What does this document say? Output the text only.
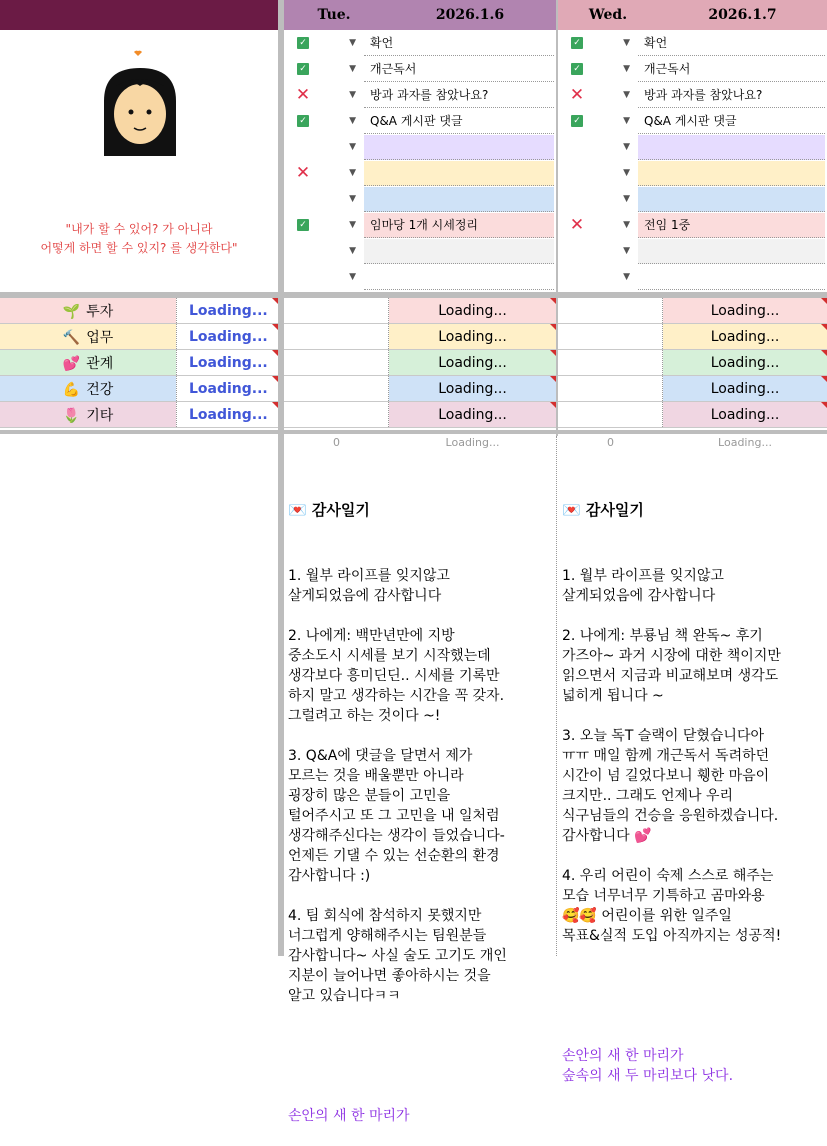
Tue.	2026.1.6	Wed.	2026.1.7
"내가 할 수 있어? 가 아니라
어떻게 하면 할 수 있지? 를 생각한다"
✓	▼	확언
✓	▼	개근독서
✕	▼	방과 과자를 참았나요?
✓	▼	Q&A 게시판 댓글
▼
✕	▼
▼
✓	▼	임마당 1개 시세정리
▼
▼
✓	▼	확언
✓	▼	개근독서
✕	▼	방과 과자를 참았나요?
✓	▼	Q&A 게시판 댓글
▼
▼
▼
✕	▼	전임 1중
▼
▼
🌱 투자	Loading...
🔨 업무	Loading...
💕 관계	Loading...
💪 건강	Loading...
🌷 기타	Loading...
Loading...
Loading...
Loading...
Loading...
Loading...
Loading...
Loading...
Loading...
Loading...
Loading...
0	Loading...	0	Loading...

💌 감사일기

1. 월부 라이프를 잊지않고
살게되었음에 감사합니다

2. 나에게: 백만년만에 지방
중소도시 시세를 보기 시작했는데
생각보다 흥미딘딘.. 시세를 기록만
하지 말고 생각하는 시간을 꼭 갖자.
그럴려고 하는 것이다 ~!

3. Q&A에 댓글을 달면서 제가
모르는 것을 배울뿐만 아니라
굉장히 많은 분들이 고민을
털어주시고 또 그 고민을 내 일처럼
생각해주신다는 생각이 들었습니다-
언제든 기댈 수 있는 선순환의 환경
감사합니다 :)

4. 팀 회식에 참석하지 못했지만
너그럽게 양해해주시는 팀원분들
감사합니다~ 사실 술도 고기도 개인
지분이 늘어나면 좋아하시는 것을
알고 있습니다ㅋㅋ

손안의 새 한 마리가

💌 감사일기

1. 월부 라이프를 잊지않고
살게되었음에 감사합니다

2. 나에게: 부룡님 책 완독~ 후기
가즈아~ 과거 시장에 대한 책이지만
읽으면서 지금과 비교해보며 생각도
넓히게 됩니다 ~

3. 오늘 독T 슬랙이 닫혔습니다아
ㅠㅠ 매일 함께 개근독서 독려하던
시간이 넘 길었다보니 휑한 마음이
크지만.. 그래도 언제나 우리
식구님들의 건승을 응원하겠습니다.
감사합니다 💕

4. 우리 어린이 숙제 스스로 해주는
모습 너무너무 기특하고 곰마와용
🥰🥰 어린이를 위한 일주일
목표&실적 도입 아직까지는 성공적!

손안의 새 한 마리가
숲속의 새 두 마리보다 낫다.
